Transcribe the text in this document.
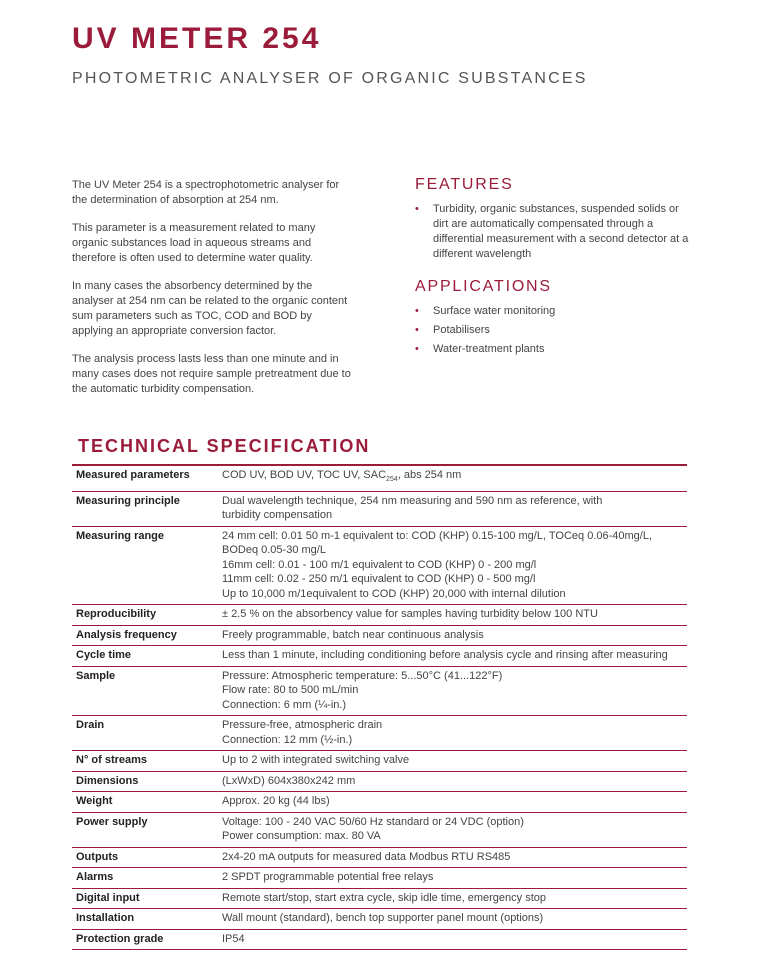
UV METER 254
PHOTOMETRIC ANALYSER OF ORGANIC SUBSTANCES

The UV Meter 254 is a spectrophotometric analyser for the determination of absorption at 254 nm.

This parameter is a measurement related to many organic substances load in aqueous streams and therefore is often used to determine water quality.

In many cases the absorbency determined by the analyser at 254 nm can be related to the organic content sum parameters such as TOC, COD and BOD by applying an appropriate conversion factor.

The analysis process lasts less than one minute and in many cases does not require sample pretreatment due to the automatic turbidity compensation.

FEATURES
• Turbidity, organic substances, suspended solids or dirt are automatically compensated through a differential measurement with a second detector at a different wavelength
APPLICATIONS
• Surface water monitoring
• Potabilisers
• Water-treatment plants
TECHNICAL SPECIFICATION
Measured parameters	COD UV, BOD UV, TOC UV, $SAC_{254}$, abs 254 nm
Measuring principle	Dual wavelength technique, 254 nm measuring and 590 nm as reference, with
turbidity compensation

Measuring range	24 mm cell: 0.01 50 m-1 equivalent to: COD (KHP) 0.15-100 mg/L, TOCeq 0.06-40mg/L,
BODeq 0.05-30 mg/L
16mm cell: 0.01 - 100 m/1 equivalent to COD (KHP) 0 - 200 mg/l
11mm cell: 0.02 - 250 m/1 equivalent to COD (KHP) 0 - 500 mg/l
Up to 10,000 m/1equivalent to COD (KHP) 20,000 with internal dilution

Reproducibility	± 2.5 % on the absorbency value for samples having turbidity below 100 NTU
Analysis frequency	Freely programmable, batch near continuous analysis
Cycle time	Less than 1 minute, including conditioning before analysis cycle and rinsing after measuring
Sample	Pressure: Atmospheric temperature: 5...50°C (41...122°F)
Flow rate: 80 to 500 mL/min
Connection: 6 mm (¼-in.)

Drain	Pressure-free, atmospheric drain
Connection: 12 mm (½-in.)

N° of streams	Up to 2 with integrated switching valve
Dimensions	(LxWxD) 604x380x242 mm
Weight	Approx. 20 kg (44 lbs)
Power supply	Voltage: 100 - 240 VAC 50/60 Hz standard or 24 VDC (option)
Power consumption: max. 80 VA

Outputs	2x4-20 mA outputs for measured data Modbus RTU RS485
Alarms	2 SPDT programmable potential free relays
Digital input	Remote start/stop, start extra cycle, skip idle time, emergency stop
Installation	Wall mount (standard), bench top supporter panel mount (options)
Protection grade	IP54
